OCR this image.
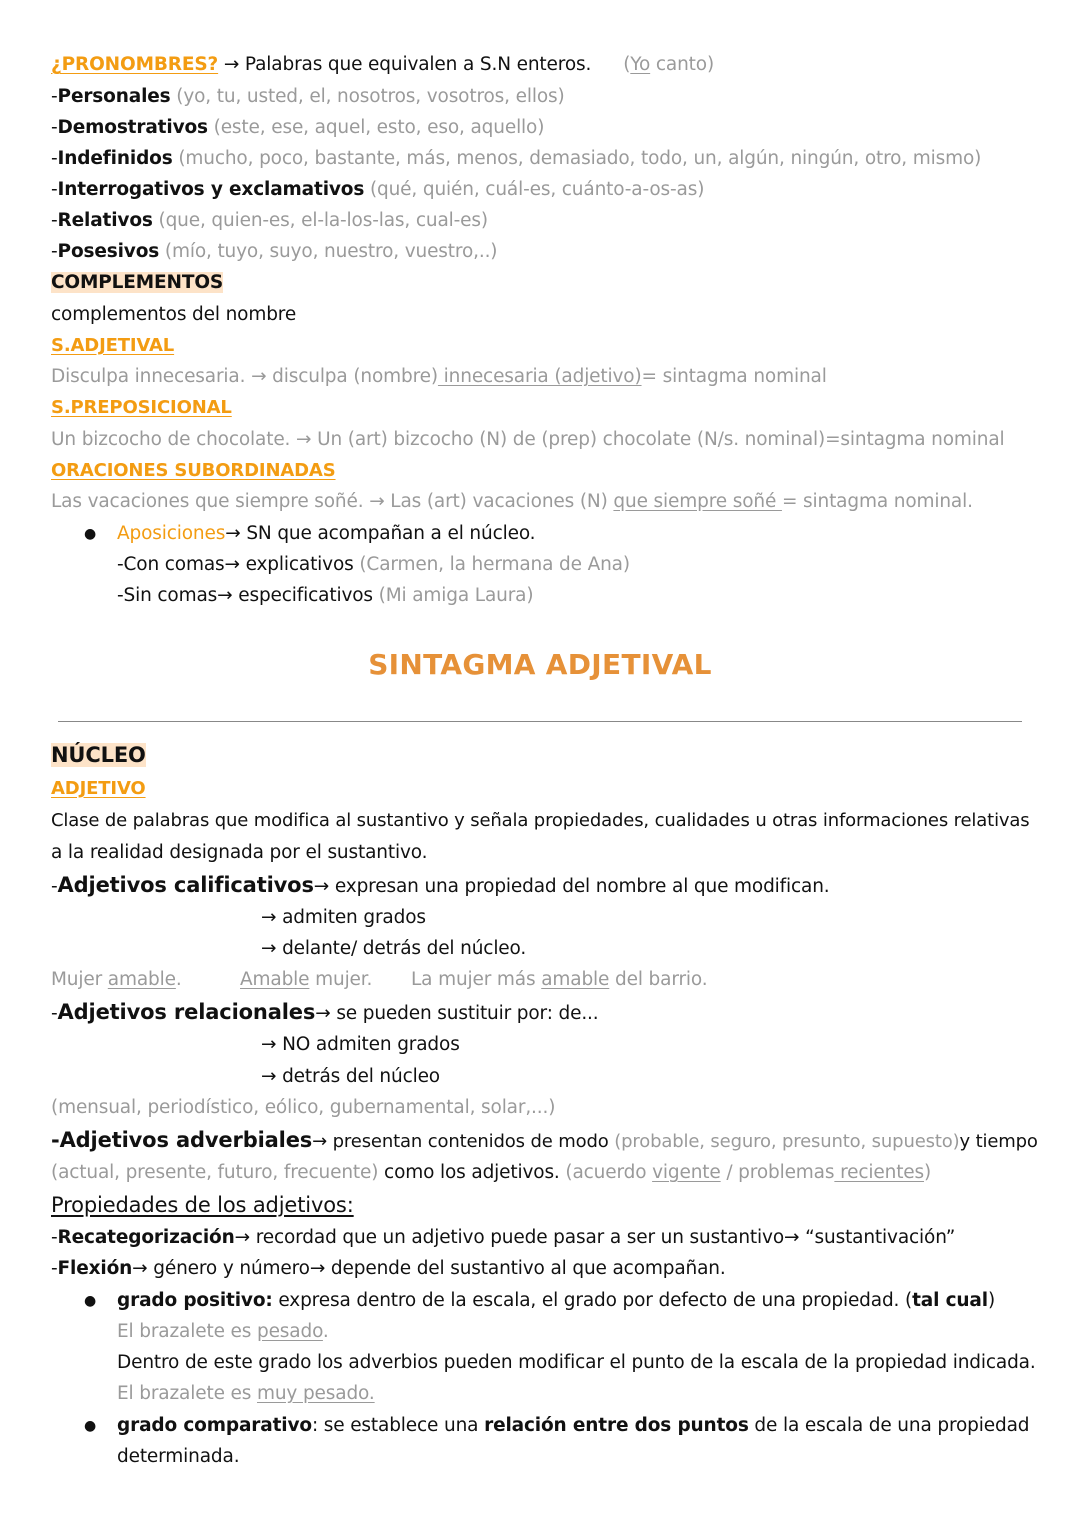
¿PRONOMBRES? → Palabras que equivalen a S.N enteros. (Yo canto)
-Personales (yo, tu, usted, el, nosotros, vosotros, ellos)
-Demostrativos (este, ese, aquel, esto, eso, aquello)
-Indefinidos (mucho, poco, bastante, más, menos, demasiado, todo, un, algún, ningún, otro, mismo)
-Interrogativos y exclamativos (qué, quién, cuál-es, cuánto-a-os-as)
-Relativos (que, quien-es, el-la-los-las, cual-es)
-Posesivos (mío, tuyo, suyo, nuestro, vuestro,..)
COMPLEMENTOS
complementos del nombre
S.ADJETIVAL
Disculpa innecesaria. → disculpa (nombre) innecesaria (adjetivo)= sintagma nominal
S.PREPOSICIONAL
Un bizcocho de chocolate. → Un (art) bizcocho (N) de (prep) chocolate (N/s. nominal)=sintagma nominal
ORACIONES SUBORDINADAS
Las vacaciones que siempre soñé. → Las (art) vacaciones (N) que siempre soñé = sintagma nominal.
● Aposiciones→ SN que acompañan a el núcleo.
-Con comas→ explicativos (Carmen, la hermana de Ana)
-Sin comas→ especificativos (Mi amiga Laura)
SINTAGMA ADJETIVAL
NÚCLEO
ADJETIVO
Clase de palabras que modifica al sustantivo y señala propiedades, cualidades u otras informaciones relativas
a la realidad designada por el sustantivo.
-Adjetivos calificativos→ expresan una propiedad del nombre al que modifican.
→ admiten grados
→ delante/ detrás del núcleo.
Mujer amable.	Amable mujer. La mujer más amable del barrio.
-Adjetivos relacionales→ se pueden sustituir por: de...
→ NO admiten grados
→ detrás del núcleo
(mensual, periodístico, eólico, gubernamental, solar,...)
-Adjetivos adverbiales→ presentan contenidos de modo (probable, seguro, presunto, supuesto)y tiempo
(actual, presente, futuro, frecuente) como los adjetivos. (acuerdo vigente / problemas recientes)
Propiedades de los adjetivos:
-Recategorización→ recordad que un adjetivo puede pasar a ser un sustantivo→ “sustantivación”
-Flexión→ género y número→ depende del sustantivo al que acompañan.
● grado positivo: expresa dentro de la escala, el grado por defecto de una propiedad. (tal cual)
El brazalete es pesado.
Dentro de este grado los adverbios pueden modificar el punto de la escala de la propiedad indicada.
El brazalete es muy pesado.
● grado comparativo: se establece una relación entre dos puntos de la escala de una propiedad
determinada.
